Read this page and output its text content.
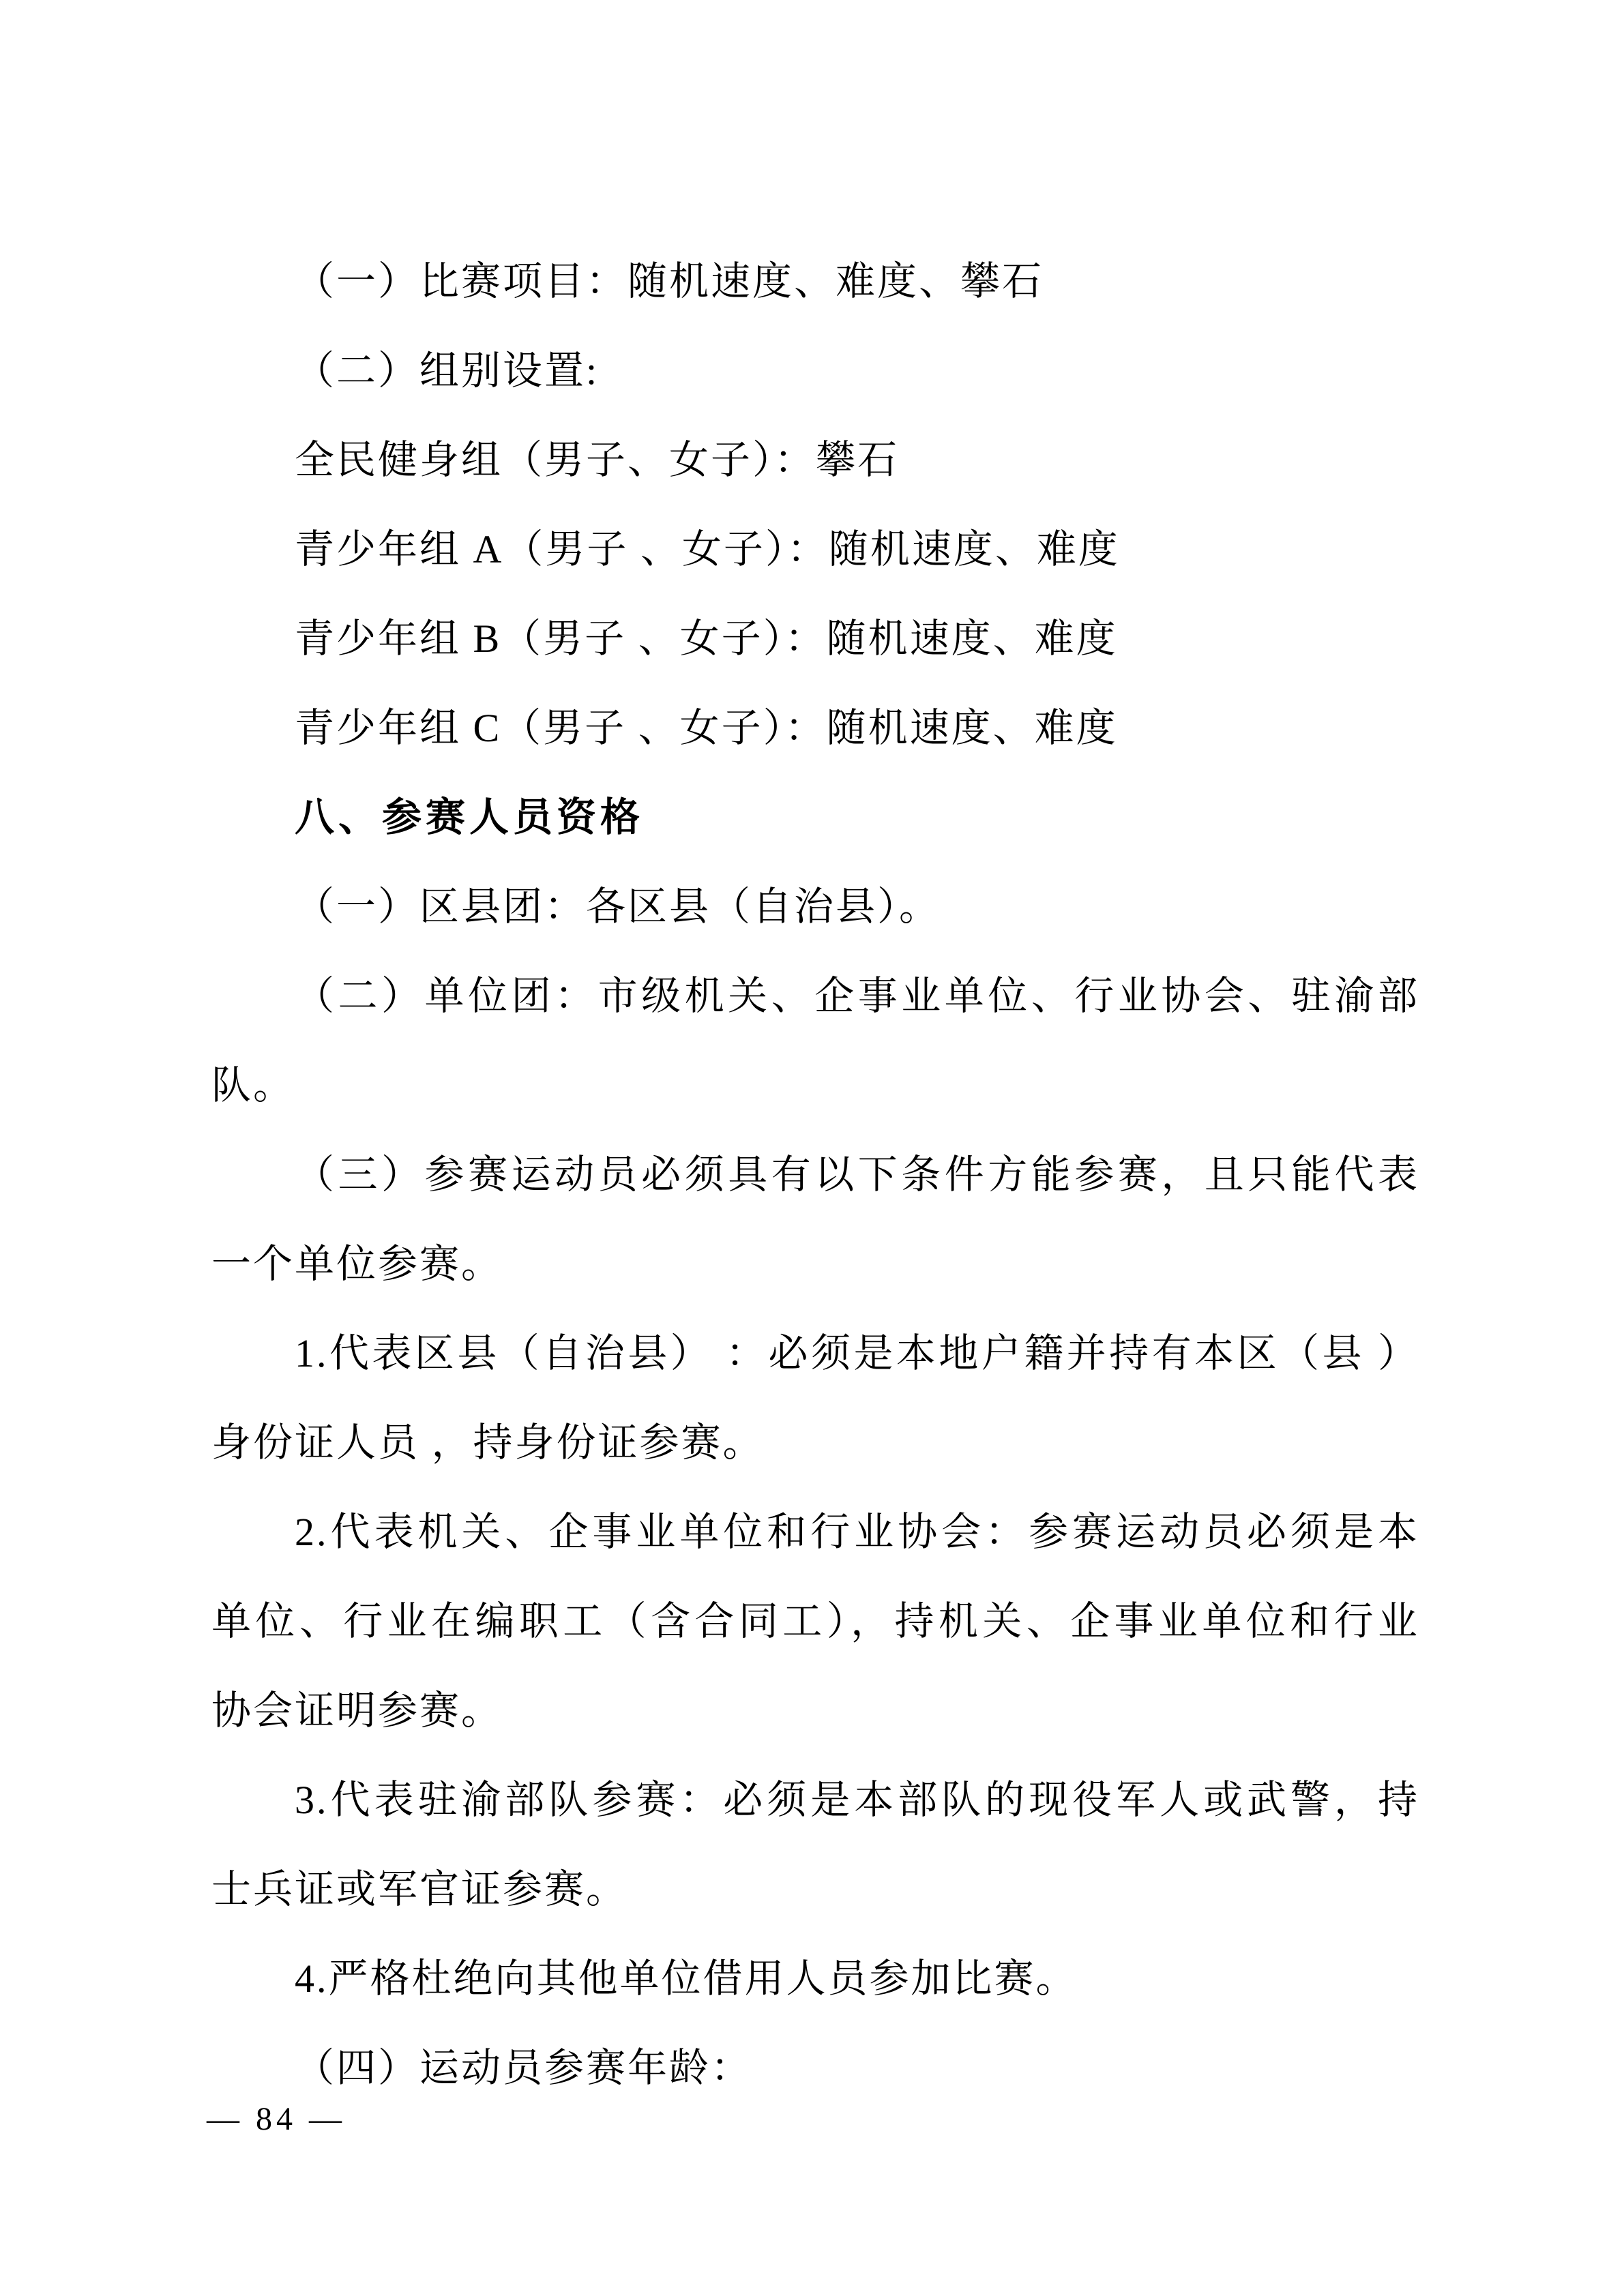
（一）比赛项目：随机速度、难度、攀石
（二）组别设置:
全民健身组（男子、女子）：攀石
青少年组 A（男子 、女子）：随机速度、难度
青少年组 B（男子 、女子）：随机速度、难度
青少年组 C（男子 、女子）：随机速度、难度
八、参赛人员资格
（一）区县团：各区县（自治县）。
（二）单位团：市级机关、企事业单位、行业协会、驻渝部
队。
（三）参赛运动员必须具有以下条件方能参赛，且只能代表
一个单位参赛。
1.代表区县（自治县） ：必须是本地户籍并持有本区（县 ）
身份证人员 ，持身份证参赛。
2.代表机关、企事业单位和行业协会：参赛运动员必须是本
单位、行业在编职工（含合同工），持机关、企事业单位和行业
协会证明参赛。
3.代表驻渝部队参赛：必须是本部队的现役军人或武警，持
士兵证或军官证参赛。
4.严格杜绝向其他单位借用人员参加比赛。
（四）运动员参赛年龄：
— 84 —
